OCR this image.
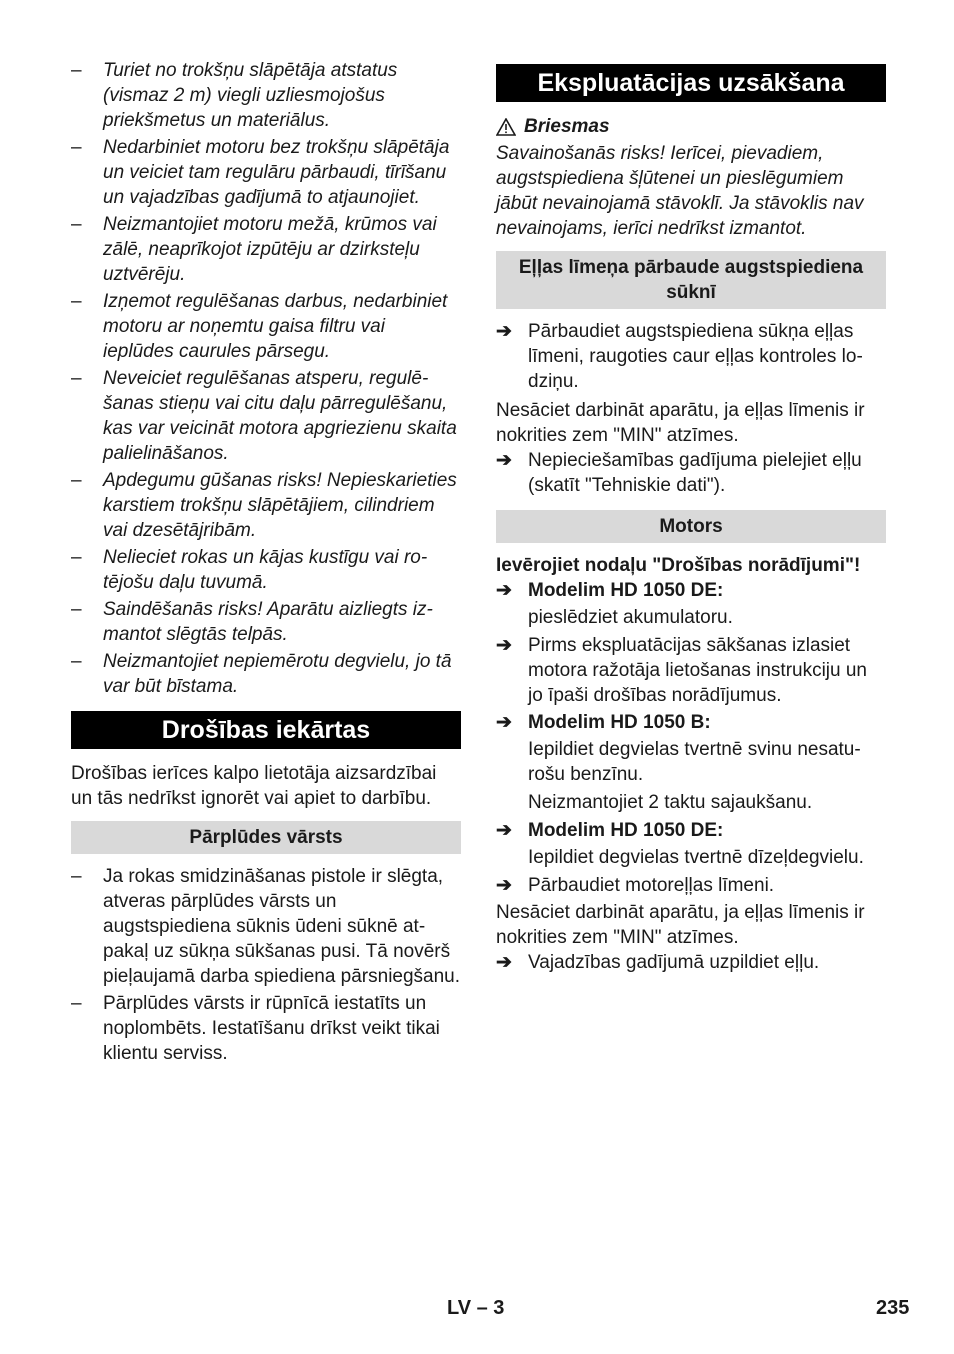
–	Turiet no trokšņu slāpētāja atstatus (vismaz 2 m) viegli uzliesmojošus priekšmetus un materiālus.
–	Nedarbiniet motoru bez trokšņu slāpētāja un veiciet tam regulāru pārbaudi, tīrīšanu un vajadzības gadījumā to atjaunojiet.
–	Neizmantojiet motoru mežā, krūmos vai zālē, neaprīkojot izpūtēju ar dzirksteļu uztvērēju.
–	Izņemot regulēšanas darbus, nedarbiniet motoru ar noņemtu gaisa filtru vai ieplūdes caurules pārsegu.
–	Neveiciet regulēšanas atsperu, regulēšanas stieņu vai citu daļu pārregulēšanu, kas var veicināt motora apgriezienu skaita palielināšanos.
–	Apdegumu gūšanas risks! Nepieskarieties karstiem trokšņu slāpētājiem, cilindriem vai dzesētājribām.
–	Nelieciet rokas un kājas kustīgu vai rotējošu daļu tuvumā.
–	Saindēšanās risks! Aparātu aizliegts izmantot slēgtās telpās.
–	Neizmantojiet nepiemērotu degvielu, jo tā var būt bīstama.
Drošības iekārtas

Drošības ierīces kalpo lietotāja aizsardzībai un tās nedrīkst ignorēt vai apiet to darbību.

Pārplūdes vārsts
–	Ja rokas smidzināšanas pistole ir slēgta, atveras pārplūdes vārsts un augstspiediena sūknis ūdeni sūknē atpakaļ uz sūkņa sūkšanas pusi. Tā novērš pieļaujamā darba spiediena pārsniegšanu.
–	Pārplūdes vārsts ir rūpnīcā iestatīts un noplombēts. Iestatīšanu drīkst veikt tikai klientu serviss.
Ekspluatācijas uzsākšana
Briesmas

Savainošanās risks! Ierīcei, pievadiem, augstspiediena šļūtenei un pieslēgumiem jābūt nevainojamā stāvoklī. Ja stāvoklis nav nevainojams, ierīci nedrīkst izmantot.

Eļļas līmeņa pārbaude augstspiediena sūknī
➔ Pārbaudiet augstspiediena sūkņa eļļas līmeni, raugoties caur eļļas kontroles lodziņu.

Nesāciet darbināt aparātu, ja eļļas līmenis ir nokrities zem "MIN" atzīmes.

➔ Nepieciešamības gadījuma pielejiet eļļu (skatīt "Tehniskie dati").
Motors

Ievērojiet nodaļu "Drošības norādījumi"!

➔ Modelim HD 1050 DE:

pieslēdziet akumulatoru.

➔ Pirms ekspluatācijas sākšanas izlasiet motora ražotāja lietošanas instrukciju un jo īpaši drošības norādījumus.
➔ Modelim HD 1050 B:

Iepildiet degvielas tvertnē svinu nesaturošu benzīnu.

Neizmantojiet 2 taktu sajaukšanu.

➔ Modelim HD 1050 DE:

Iepildiet degvielas tvertnē dīzeļdegvielu.

➔ Pārbaudiet motoreļļas līmeni.

Nesāciet darbināt aparātu, ja eļļas līmenis ir nokrities zem "MIN" atzīmes.

➔ Vajadzības gadījumā uzpildiet eļļu.
LV – 3	235
